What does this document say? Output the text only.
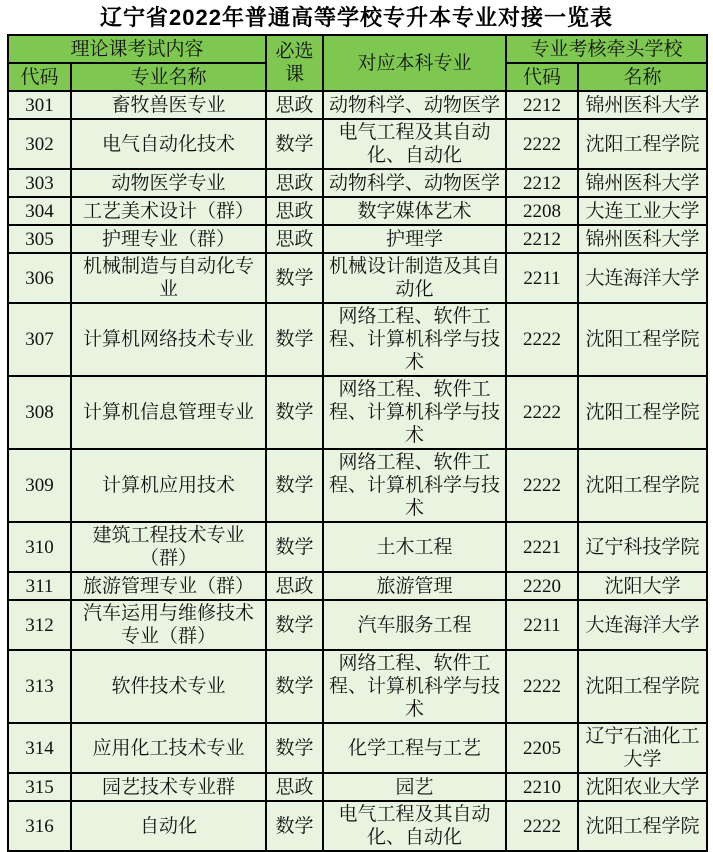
辽宁省2022年普通高等学校专升本专业对接一览表
理论课考试内容		必选课	对应本科专业	专业考核牵头学校	
代码	专业名称			代码	名称
301	畜牧兽医专业	思政	动物科学、动物医学	2212	锦州医科大学
302	电气自动化技术	数学	电气工程及其自动化、自动化	2222	沈阳工程学院
303	动物医学专业	思政	动物科学、动物医学	2212	锦州医科大学
304	工艺美术设计（群）	思政	数字媒体艺术	2208	大连工业大学
305	护理专业（群）	思政	护理学	2212	锦州医科大学
306	机械制造与自动化专业	数学	机械设计制造及其自动化	2211	大连海洋大学
307	计算机网络技术专业	数学	网络工程、软件工程、计算机科学与技术	2222	沈阳工程学院
308	计算机信息管理专业	数学	网络工程、软件工程、计算机科学与技术	2222	沈阳工程学院
309	计算机应用技术	数学	网络工程、软件工程、计算机科学与技术	2222	沈阳工程学院
310	建筑工程技术专业（群）	数学	土木工程	2221	辽宁科技学院
311	旅游管理专业（群）	思政	旅游管理	2220	沈阳大学
312	汽车运用与维修技术专业（群）	数学	汽车服务工程	2211	大连海洋大学
313	软件技术专业	数学	网络工程、软件工程、计算机科学与技术	2222	沈阳工程学院
314	应用化工技术专业	数学	化学工程与工艺	2205	辽宁石油化工大学
315	园艺技术专业群	思政	园艺	2210	沈阳农业大学
316	自动化	数学	电气工程及其自动化、自动化	2222	沈阳工程学院
